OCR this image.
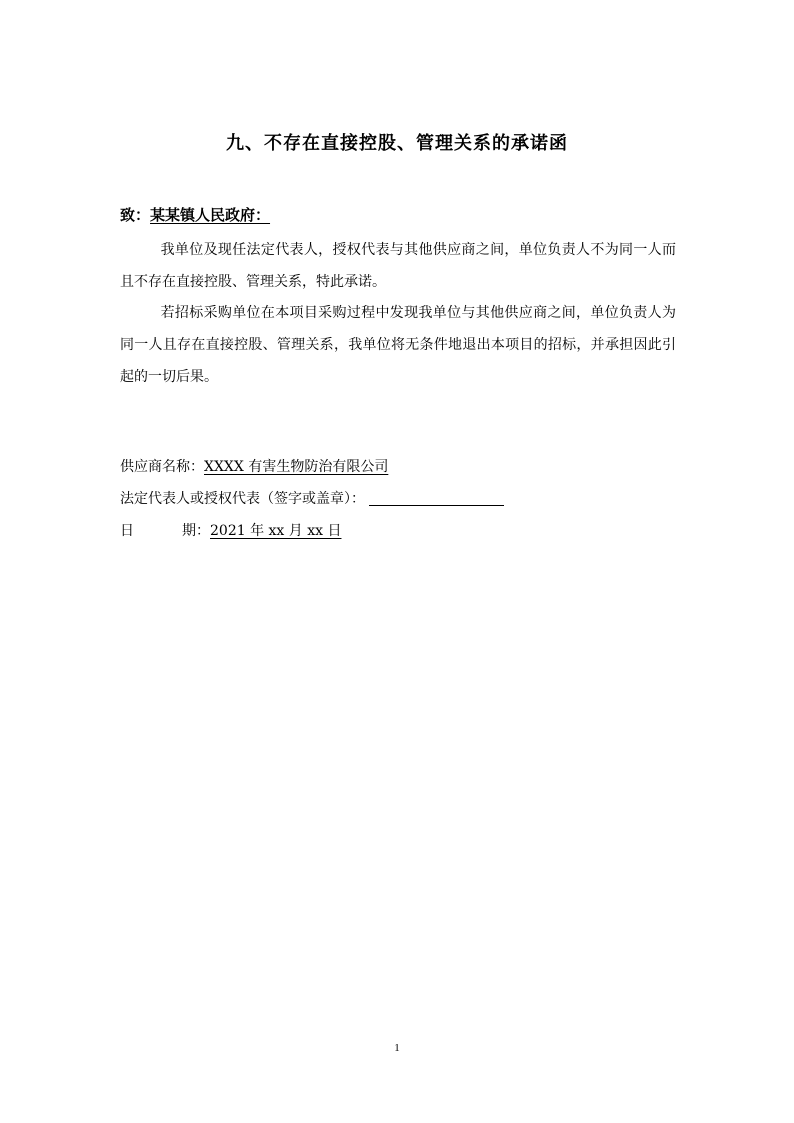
九、不存在直接控股、管理关系的承诺函
致：某某镇人民政府：

我单位及现任法定代表人，授权代表与其他供应商之间，单位负责人不为同一人而且不存在直接控股、管理关系，特此承诺。

若招标采购单位在本项目采购过程中发现我单位与其他供应商之间，单位负责人为同一人且存在直接控股、管理关系，我单位将无条件地退出本项目的招标，并承担因此引起的一切后果。

供应商名称：XXXX 有害生物防治有限公司
法定代表人或授权代表（签字或盖章）：
日	期：2021 年 xx 月 xx 日
1
